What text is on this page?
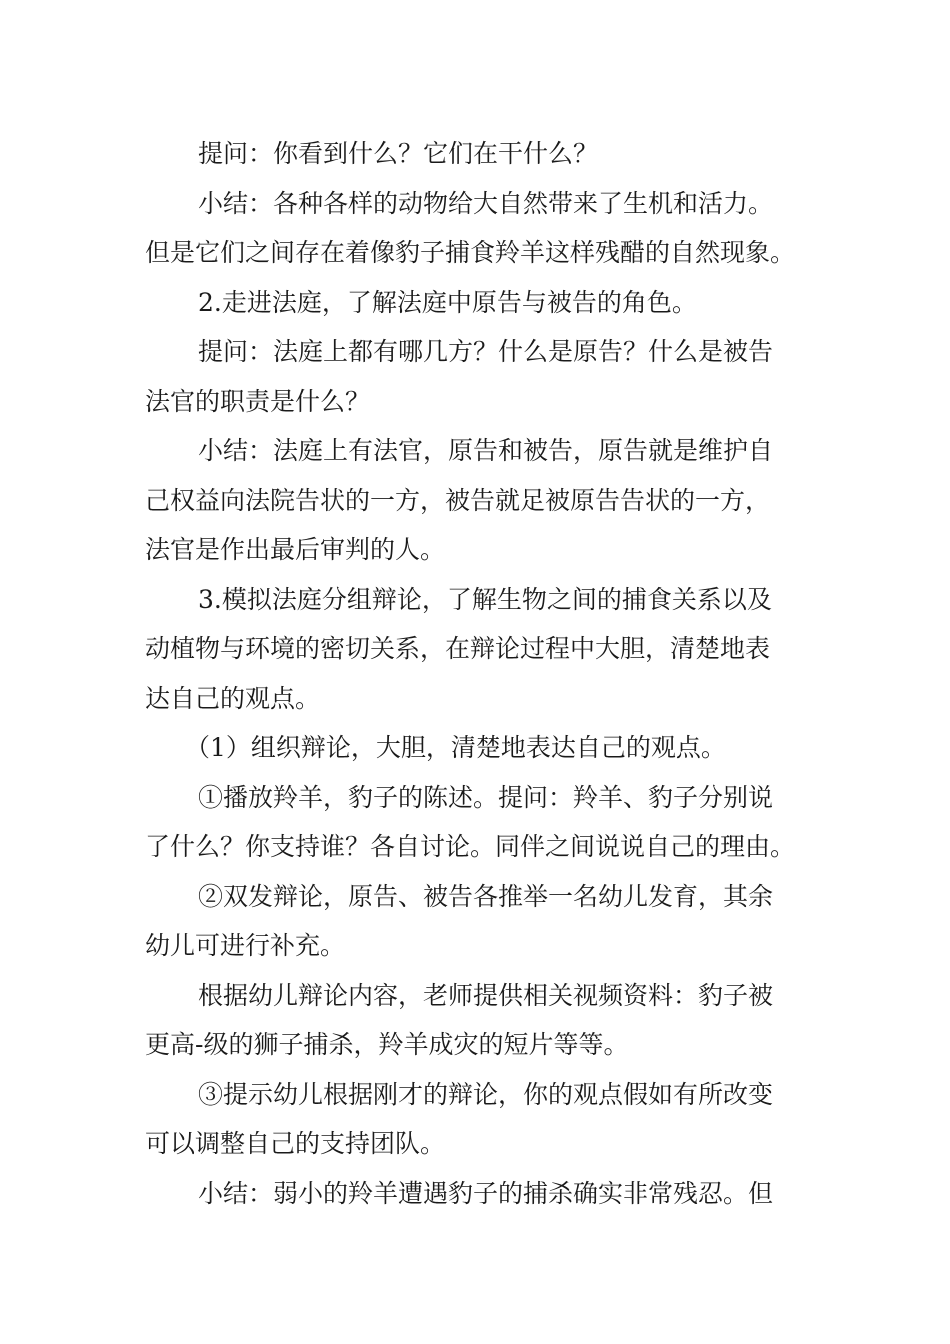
提问：你看到什么？它们在干什么？
小结：各种各样的动物给大自然带来了生机和活力。
但是它们之间存在着像豹子捕食羚羊这样残醋的自然现象。
2.走进法庭，了解法庭中原告与被告的角色。
提问：法庭上都有哪几方？什么是原告？什么是被告
法官的职责是什么？
小结：法庭上有法官，原告和被告，原告就是维护自
己权益向法院告状的一方，被告就足被原告告状的一方，
法官是作出最后审判的人。
3.模拟法庭分组辩论，了解生物之间的捕食关系以及
动植物与环境的密切关系，在辩论过程中大胆，清楚地表
达自己的观点。
（1）组织辩论，大胆，清楚地表达自己的观点。
①播放羚羊，豹子的陈述。提问：羚羊、豹子分别说
了什么？你支持谁？各自讨论。同伴之间说说自己的理由。
②双发辩论，原告、被告各推举一名幼儿发育，其余
幼儿可进行补充。
根据幼儿辩论内容，老师提供相关视频资料：豹子被
更高-级的狮子捕杀，羚羊成灾的短片等等。
③提示幼儿根据刚才的辩论，你的观点假如有所改变
可以调整自己的支持团队。
小结：弱小的羚羊遭遇豹子的捕杀确实非常残忍。但
